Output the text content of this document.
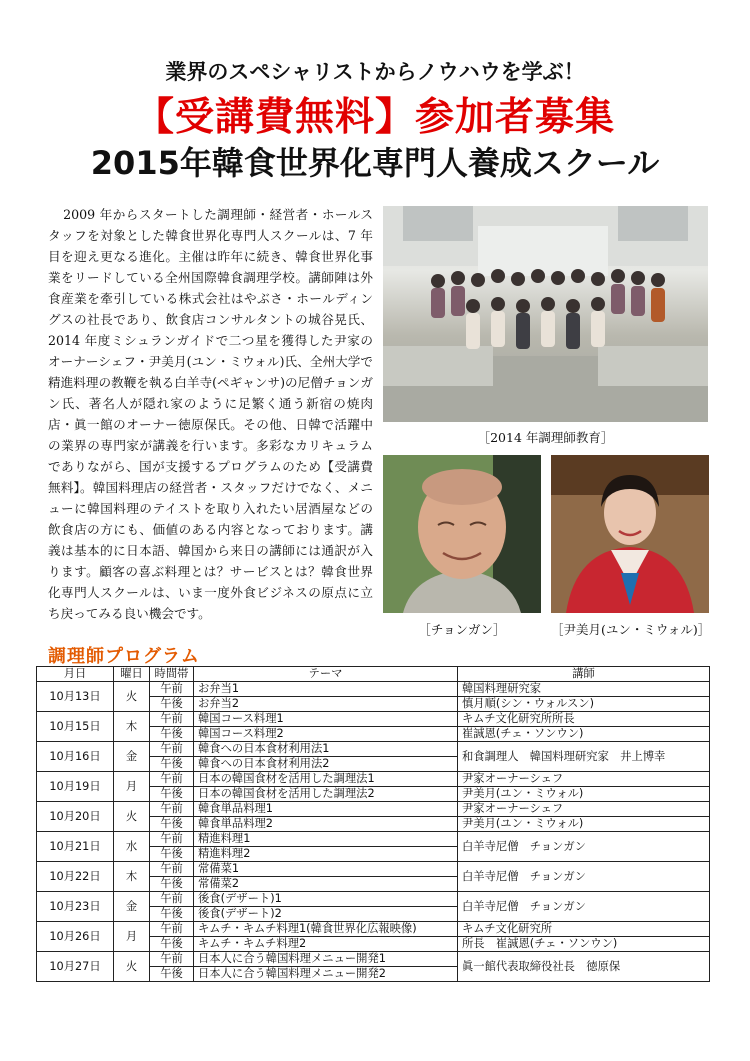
業界のスペシャリストからノウハウを学ぶ！
【受講費無料】参加者募集
2015年韓食世界化専門人養成スクール

2009 年からスタートした調理師・経営者・ホールスタッフを対象とした韓食世界化専門人スクールは、7 年目を迎え更なる進化。主催は昨年に続き、韓食世界化事業をリードしている全州国際韓食調理学校。講師陣は外食産業を牽引している株式会社はやぶさ・ホールディングスの社長であり、飲食店コンサルタントの城谷晃氏、2014 年度ミシュランガイドで二つ星を獲得した尹家のオーナーシェフ・尹美月(ユン・ミウォル)氏、全州大学で精進料理の教鞭を執る白羊寺(ペギャンサ)の尼僧チョンガン氏、著名人が隠れ家のように足繁く通う新宿の焼肉店・眞一館のオーナー徳原保氏。その他、日韓で活躍中の業界の専門家が講義を行います。多彩なカリキュラムでありながら、国が支援するプログラムのため【受講費無料】。韓国料理店の経営者・スタッフだけでなく、メニューに韓国料理のテイストを取り入れたい居酒屋などの飲食店の方にも、価値のある内容となっております。講義は基本的に日本語、韓国から来日の講師には通訳が入ります。顧客の喜ぶ料理とは？サービスとは？韓食世界化専門人スクールは、いま一度外食ビジネスの原点に立ち戻ってみる良い機会です。

［2014 年調理師教育］
［チョンガン］	［尹美月(ユン・ミウォル)］
調理師プログラム
月日	曜日	時間帯	テーマ	講師
10月13日	火	午前	お弁当1	韓国料理研究家
		午後	お弁当2	慎月順(シン・ウォルスン)
10月15日	木	午前	韓国コース料理1	キムチ文化研究所所長
		午後	韓国コース料理2	崔誠恩(チェ・ソンウン)
10月16日	金	午前	韓食への日本食材利用法1	和食調理人　韓国料理研究家　井上博幸
		午後	韓食への日本食材利用法2	
10月19日	月	午前	日本の韓国食材を活用した調理法1	尹家オーナーシェフ
		午後	日本の韓国食材を活用した調理法2	尹美月(ユン・ミウォル)
10月20日	火	午前	韓食単品料理1	尹家オーナーシェフ
		午後	韓食単品料理2	尹美月(ユン・ミウォル)
10月21日	水	午前	精進料理1	白羊寺尼僧　チョンガン
		午後	精進料理2	
10月22日	木	午前	常備菜1	白羊寺尼僧　チョンガン
		午後	常備菜2	
10月23日	金	午前	後食(デザート)1	白羊寺尼僧　チョンガン
		午後	後食(デザート)2	
10月26日	月	午前	キムチ・キムチ料理1(韓食世界化広報映像)	キムチ文化研究所
		午後	キムチ・キムチ料理2	所長　崔誠恩(チェ・ソンウン)
10月27日	火	午前	日本人に合う韓国料理メニュー開発1	眞一館代表取締役社長　徳原保
		午後	日本人に合う韓国料理メニュー開発2	
